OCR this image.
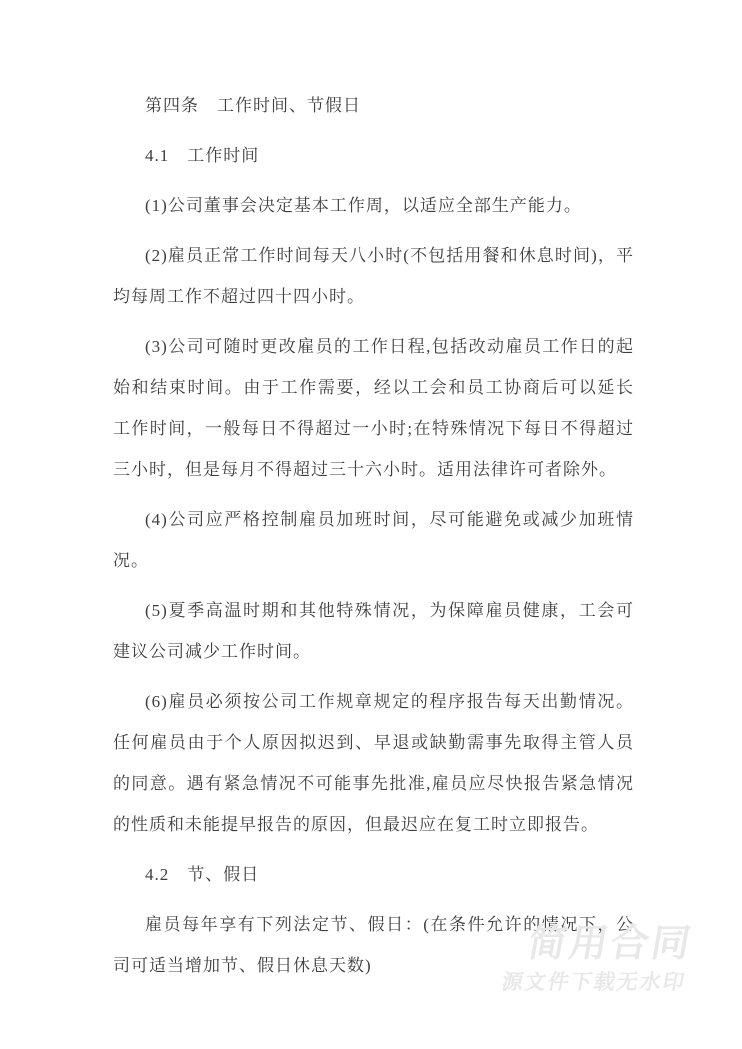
第四条　工作时间、节假日

4.1　工作时间

(1)公司董事会决定基本工作周，以适应全部生产能力。

(2)雇员正常工作时间每天八小时(不包括用餐和休息时间)，平均每周工作不超过四十四小时。

(3)公司可随时更改雇员的工作日程,包括改动雇员工作日的起始和结束时间。由于工作需要，经以工会和员工协商后可以延长工作时间，一般每日不得超过一小时;在特殊情况下每日不得超过三小时，但是每月不得超过三十六小时。适用法律许可者除外。

(4)公司应严格控制雇员加班时间，尽可能避免或减少加班情况。

(5)夏季高温时期和其他特殊情况，为保障雇员健康，工会可建议公司减少工作时间。

(6)雇员必须按公司工作规章规定的程序报告每天出勤情况。任何雇员由于个人原因拟迟到、早退或缺勤需事先取得主管人员的同意。遇有紧急情况不可能事先批准,雇员应尽快报告紧急情况的性质和未能提早报告的原因，但最迟应在复工时立即报告。

4.2　节、假日

雇员每年享有下列法定节、假日：(在条件允许的情况下，公司可适当增加节、假日休息天数)

简用合同
源文件下载无水印
